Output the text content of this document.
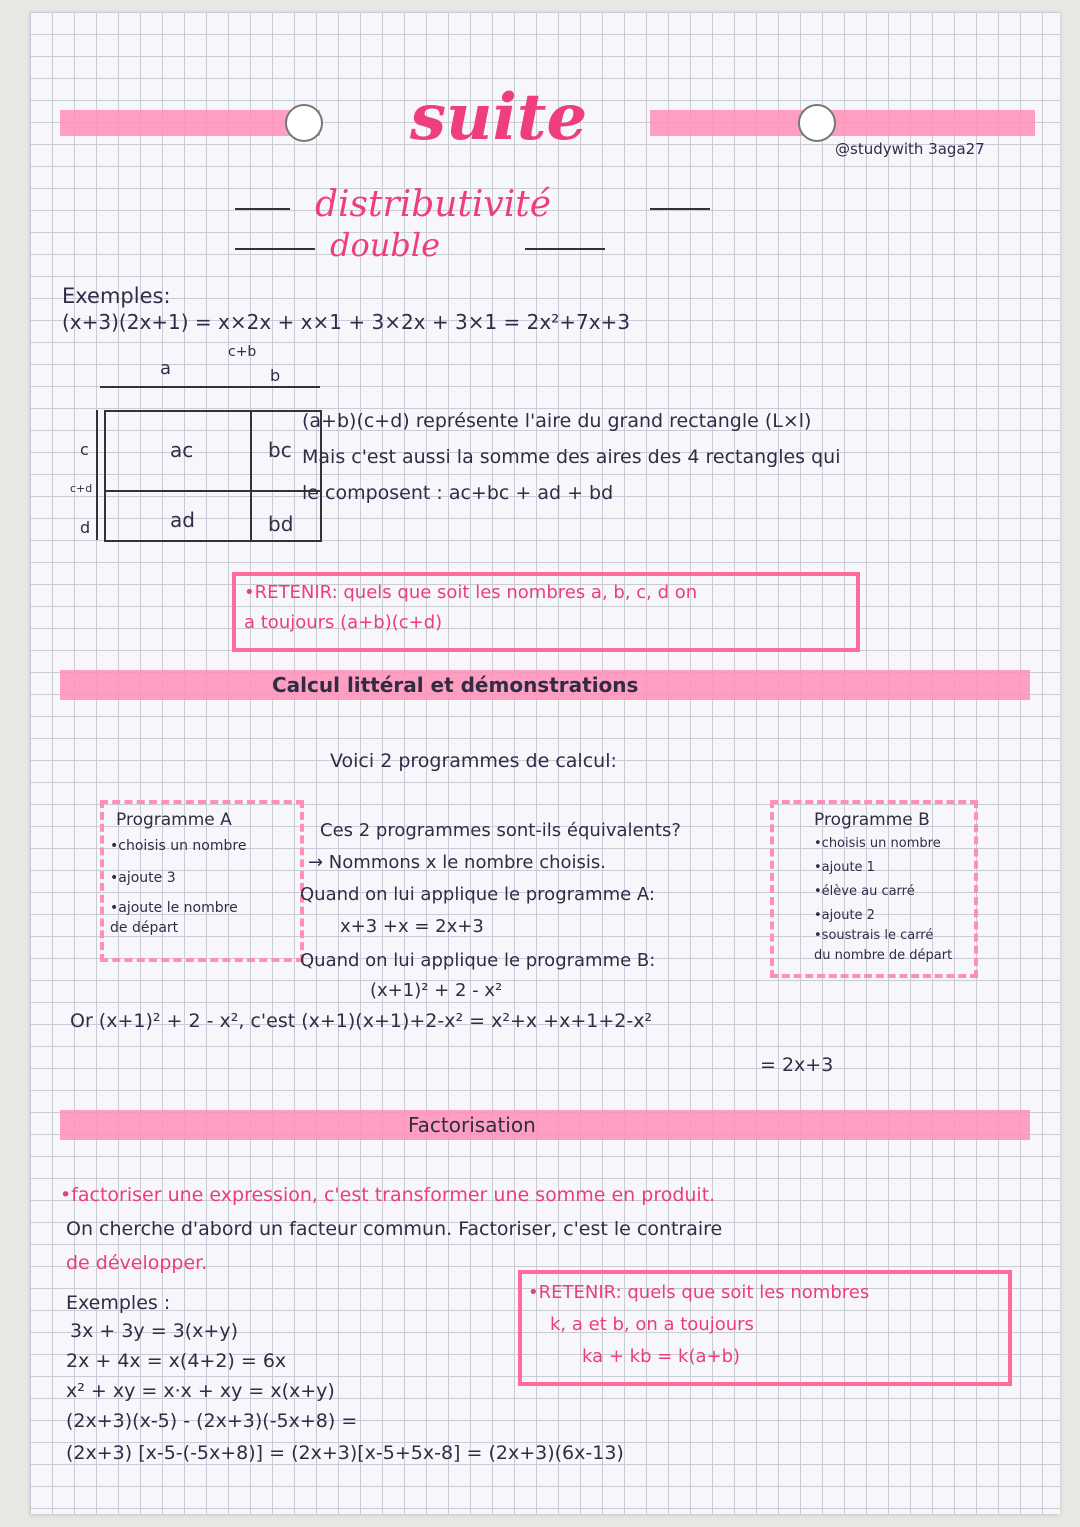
suite	@studywith 3aga27
distributivité
double
Exemples:
(x+3)(2x+1) = x×2x + x×1 + 3×2x + 3×1 = 2x²+7x+3
a
c+b
b
c
c+d
d
ac	bc
ad	bd
(a+b)(c+d) représente l'aire du grand rectangle (L×l)
Mais c'est aussi la somme des aires des 4 rectangles qui
le composent : ac+bc + ad + bd
•RETENIR: quels que soit les nombres a, b, c, d on
a toujours (a+b)(c+d)
Calcul littéral et démonstrations
Voici 2 programmes de calcul:
Programme A
•choisis un nombre
•ajoute 3
•ajoute le nombre
de départ
Programme B
•choisis un nombre
•ajoute 1
•élève au carré
•ajoute 2
•soustrais le carré
du nombre de départ
Ces 2 programmes sont-ils équivalents?
→ Nommons x le nombre choisis.
Quand on lui applique le programme A:
x+3 +x = 2x+3
Quand on lui applique le programme B:
(x+1)² + 2 - x²
Or (x+1)² + 2 - x², c'est (x+1)(x+1)+2-x² = x²+x +x+1+2-x²
= 2x+3
Factorisation
•factoriser une expression, c'est transformer une somme en produit.
On cherche d'abord un facteur commun. Factoriser, c'est le contraire
de développer.
Exemples :
3x + 3y = 3(x+y)
2x + 4x = x(4+2) = 6x
x² + xy = x·x + xy = x(x+y)
(2x+3)(x-5) - (2x+3)(-5x+8) =
(2x+3) [x-5-(-5x+8)] = (2x+3)[x-5+5x-8] = (2x+3)(6x-13)
•RETENIR: quels que soit les nombres
k, a et b, on a toujours
ka + kb = k(a+b)
